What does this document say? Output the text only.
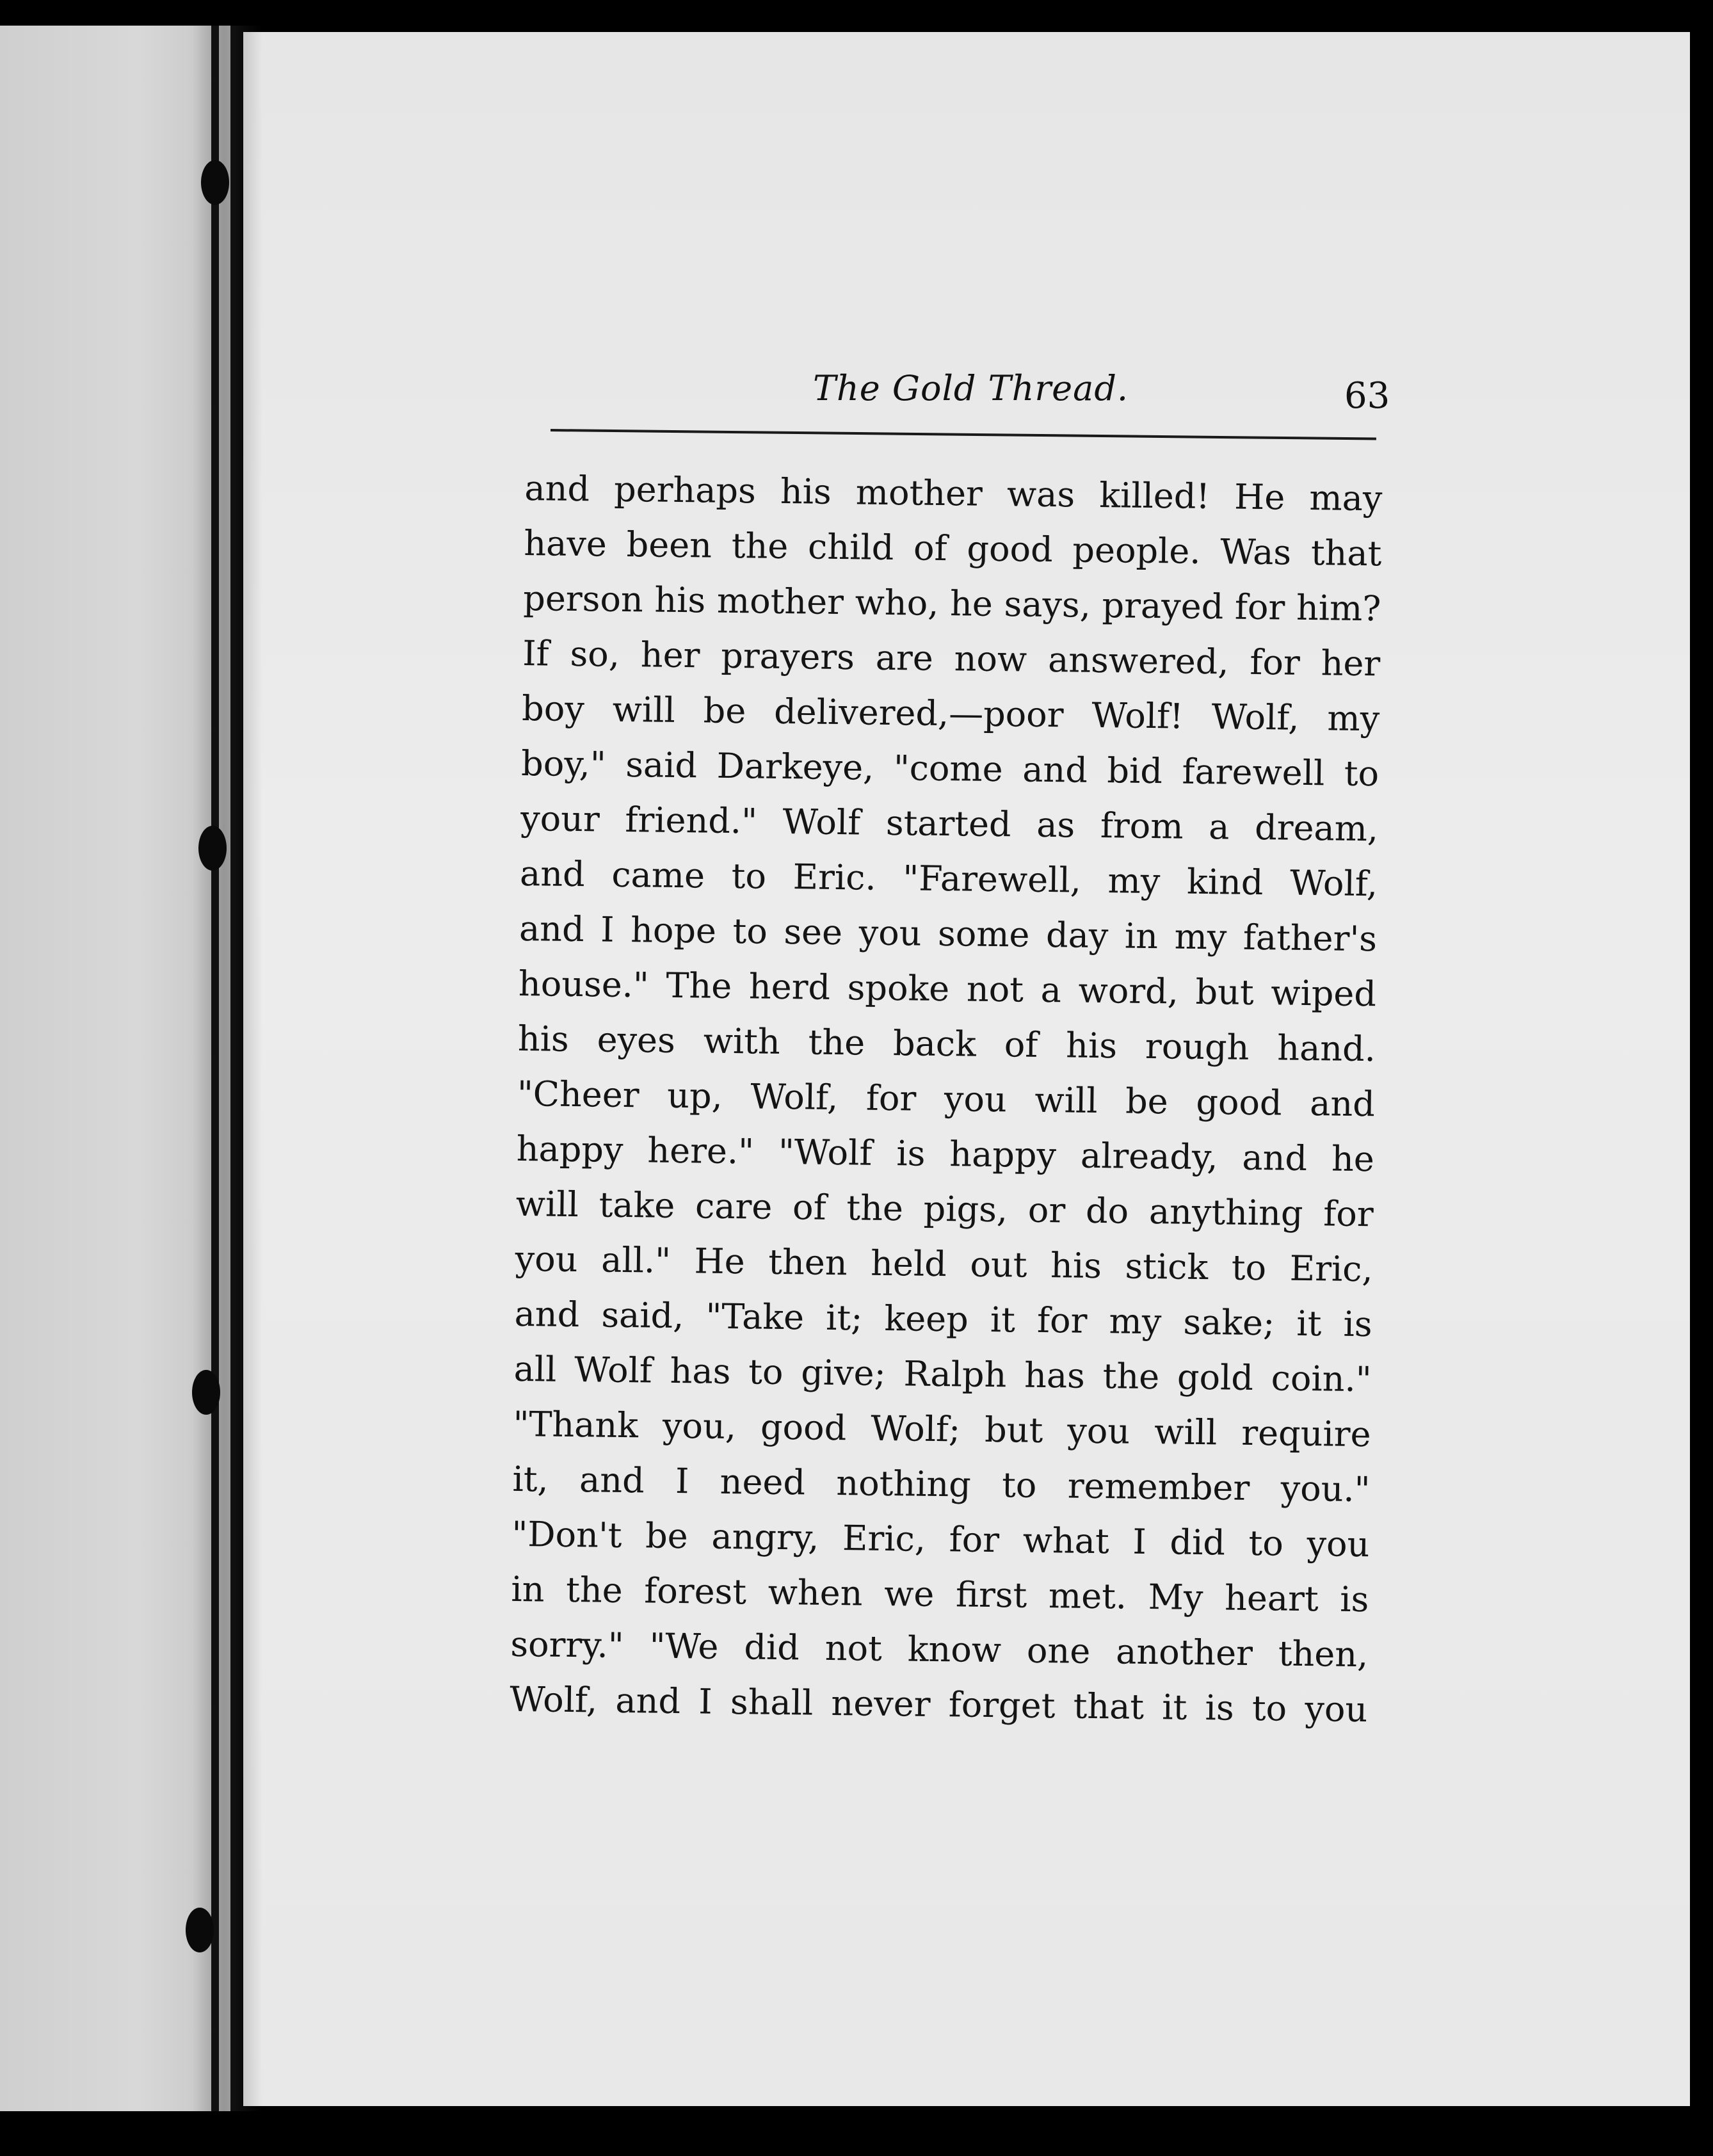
The Gold Thread.	63
and perhaps his mother was killed! He may
have been the child of good people. Was that
person his mother who, he says, prayed for him?
If so, her prayers are now answered, for her
boy will be delivered,—poor Wolf! Wolf, my
boy," said Darkeye, "come and bid farewell to
your friend." Wolf started as from a dream,
and came to Eric. "Farewell, my kind Wolf,
and I hope to see you some day in my father's
house." The herd spoke not a word, but wiped
his eyes with the back of his rough hand.
"Cheer up, Wolf, for you will be good and
happy here." "Wolf is happy already, and he
will take care of the pigs, or do anything for
you all." He then held out his stick to Eric,
and said, "Take it; keep it for my sake; it is
all Wolf has to give; Ralph has the gold coin."
"Thank you, good Wolf; but you will require
it, and I need nothing to remember you."
"Don't be angry, Eric, for what I did to you
in the forest when we first met. My heart is
sorry." "We did not know one another then,
Wolf, and I shall never forget that it is to you
